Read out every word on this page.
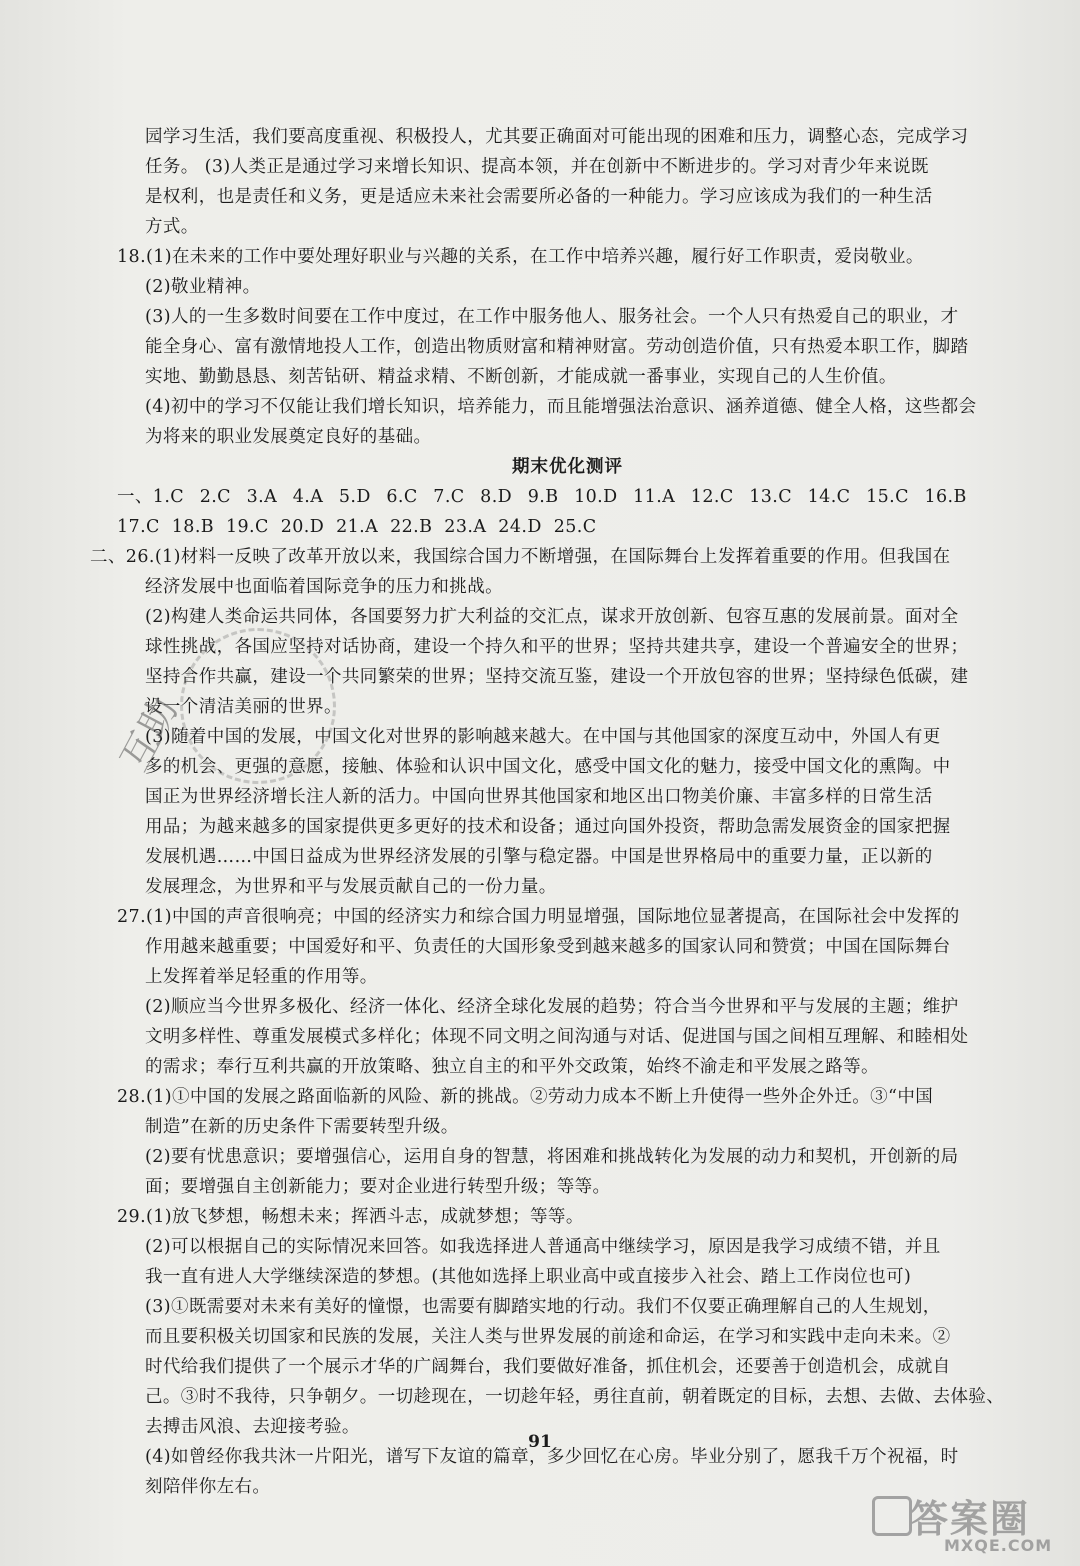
园学习生活，我们要高度重视、积极投人，尤其要正确面对可能出现的困难和压力，调整心态，完成学习
任务。 (3)人类正是通过学习来增长知识、提高本领，并在创新中不断进步的。学习对青少年来说既
是权利，也是责任和义务，更是适应未来社会需要所必备的一种能力。学习应该成为我们的一种生活
方式。
18.(1)在未来的工作中要处理好职业与兴趣的关系，在工作中培养兴趣，履行好工作职责，爱岗敬业。
(2)敬业精神。
(3)人的一生多数时间要在工作中度过，在工作中服务他人、服务社会。一个人只有热爱自己的职业，才
能全身心、富有激情地投人工作，创造出物质财富和精神财富。劳动创造价值，只有热爱本职工作，脚踏
实地、勤勤恳恳、刻苦钻研、精益求精、不断创新，才能成就一番事业，实现自己的人生价值。
(4)初中的学习不仅能让我们增长知识，培养能力，而且能增强法治意识、涵养道德、健全人格，这些都会
为将来的职业发展奠定良好的基础。
期末优化测评
一、1.C 2.C 3.A 4.A 5.D 6.C 7.C 8.D 9.B 10.D 11.A 12.C 13.C 14.C 15.C 16.B
17.C  18.B  19.C  20.D  21.A  22.B  23.A  24.D  25.C
二、26.(1)材料一反映了改革开放以来，我国综合国力不断增强，在国际舞台上发挥着重要的作用。但我国在
经济发展中也面临着国际竞争的压力和挑战。
(2)构建人类命运共同体，各国要努力扩大利益的交汇点，谋求开放创新、包容互惠的发展前景。面对全
球性挑战，各国应坚持对话协商，建设一个持久和平的世界；坚持共建共享，建设一个普遍安全的世界；
坚持合作共赢，建设一个共同繁荣的世界；坚持交流互鉴，建设一个开放包容的世界；坚持绿色低碳，建
设一个清洁美丽的世界。
(3)随着中国的发展，中国文化对世界的影响越来越大。在中国与其他国家的深度互动中，外国人有更
多的机会、更强的意愿，接触、体验和认识中国文化，感受中国文化的魅力，接受中国文化的熏陶。中
国正为世界经济增长注人新的活力。中国向世界其他国家和地区出口物美价廉、丰富多样的日常生活
用品；为越来越多的国家提供更多更好的技术和设备；通过向国外投资，帮助急需发展资金的国家把握
发展机遇……中国日益成为世界经济发展的引擎与稳定器。中国是世界格局中的重要力量，正以新的
发展理念，为世界和平与发展贡献自己的一份力量。
27.(1)中国的声音很响亮；中国的经济实力和综合国力明显增强，国际地位显著提高，在国际社会中发挥的
作用越来越重要；中国爱好和平、负责任的大国形象受到越来越多的国家认同和赞赏；中国在国际舞台
上发挥着举足轻重的作用等。
(2)顺应当今世界多极化、经济一体化、经济全球化发展的趋势；符合当今世界和平与发展的主题；维护
文明多样性、尊重发展模式多样化；体现不同文明之间沟通与对话、促进国与国之间相互理解、和睦相处
的需求；奉行互利共赢的开放策略、独立自主的和平外交政策，始终不渝走和平发展之路等。
28.(1)①中国的发展之路面临新的风险、新的挑战。②劳动力成本不断上升使得一些外企外迁。③“中国
制造”在新的历史条件下需要转型升级。
(2)要有忧患意识；要增强信心，运用自身的智慧，将困难和挑战转化为发展的动力和契机，开创新的局
面；要增强自主创新能力；要对企业进行转型升级；等等。
29.(1)放飞梦想，畅想未来；挥洒斗志，成就梦想；等等。
(2)可以根据自己的实际情况来回答。如我选择进人普通高中继续学习，原因是我学习成绩不错，并且
我一直有进人大学继续深造的梦想。(其他如选择上职业高中或直接步入社会、踏上工作岗位也可)
(3)①既需要对未来有美好的憧憬，也需要有脚踏实地的行动。我们不仅要正确理解自己的人生规划，
而且要积极关切国家和民族的发展，关注人类与世界发展的前途和命运，在学习和实践中走向未来。②
时代给我们提供了一个展示才华的广阔舞台，我们要做好准备，抓住机会，还要善于创造机会，成就自
己。③时不我待，只争朝夕。一切趁现在，一切趁年轻，勇往直前，朝着既定的目标，去想、去做、去体验、
去搏击风浪、去迎接考验。
(4)如曾经你我共沐一片阳光，谱写下友谊的篇章，多少回忆在心房。毕业分别了，愿我千万个祝福，时
刻陪伴你左右。
互助
91
答案圈
MXQE.COM
